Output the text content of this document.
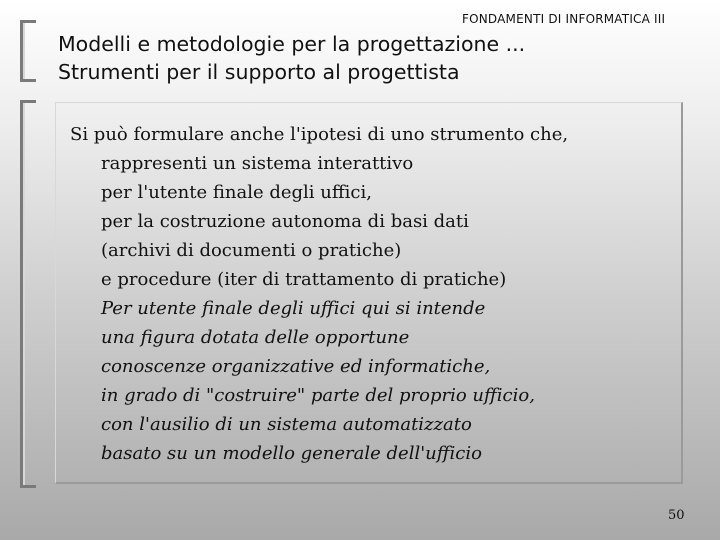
FONDAMENTI DI INFORMATICA III
Modelli e metodologie per la progettazione ...
Strumenti per il supporto al progettista
Si può formulare anche l'ipotesi di uno strumento che,
rappresenti un sistema interattivo
per l'utente finale degli uffici,
per la costruzione autonoma di basi dati
(archivi di documenti o pratiche)
e procedure (iter di trattamento di pratiche)
Per utente finale degli uffici qui si intende
una figura dotata delle opportune
conoscenze organizzative ed informatiche,
in grado di "costruire" parte del proprio ufficio,
con l'ausilio di un sistema automatizzato
basato su un modello generale dell'ufficio
50
